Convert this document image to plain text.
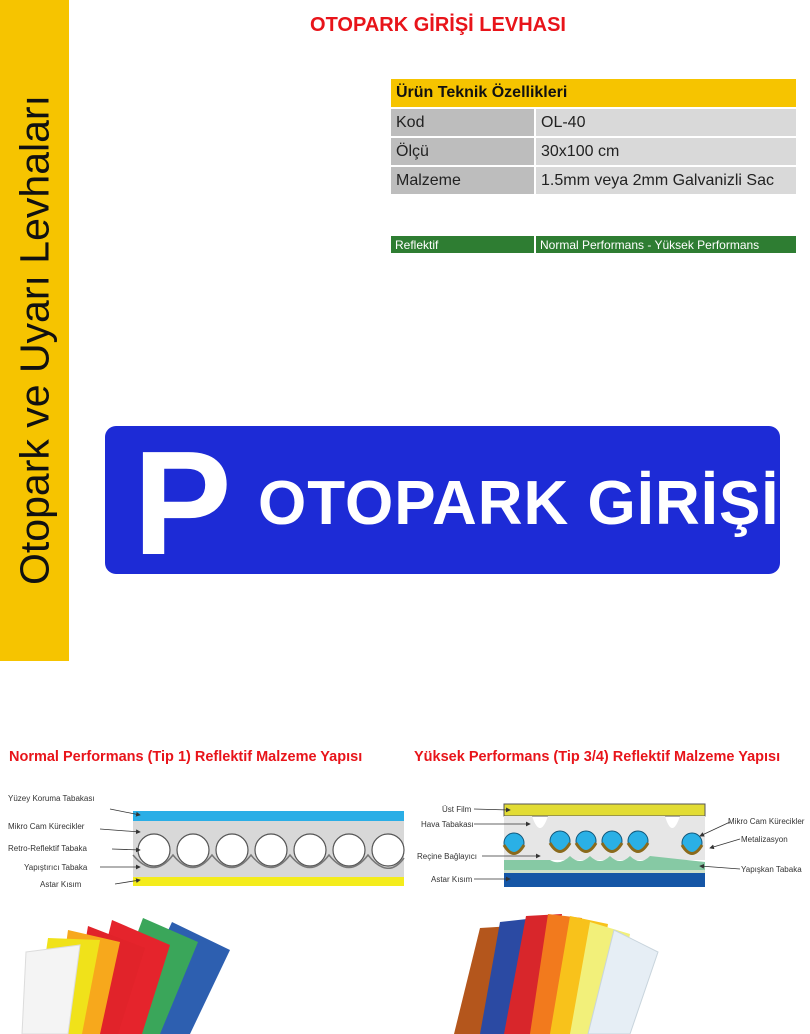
Otopark ve Uyarı Levhaları
OTOPARK GİRİŞİ LEVHASI
Ürün Teknik Özellikleri	
Kod	OL-40
Ölçü	30x100 cm
Malzeme	1.5mm veya 2mm Galvanizli Sac
Reflektif	Normal Performans - Yüksek Performans
P OTOPARK GİRİŞİ
Normal Performans (Tip 1) Reflektif Malzeme Yapısı
Yüzey Koruma Tabakası
Mikro Cam Kürecikler
Retro-Reflektif Tabaka
Yapıştırıcı Tabaka
Astar Kısım
Yüksek Performans (Tip 3/4) Reflektif Malzeme Yapısı
Üst Film
Hava Tabakası
Reçine Bağlayıcı
Astar Kısım
Mikro Cam Kürecikler
Metalizasyon
Yapışkan Tabaka
